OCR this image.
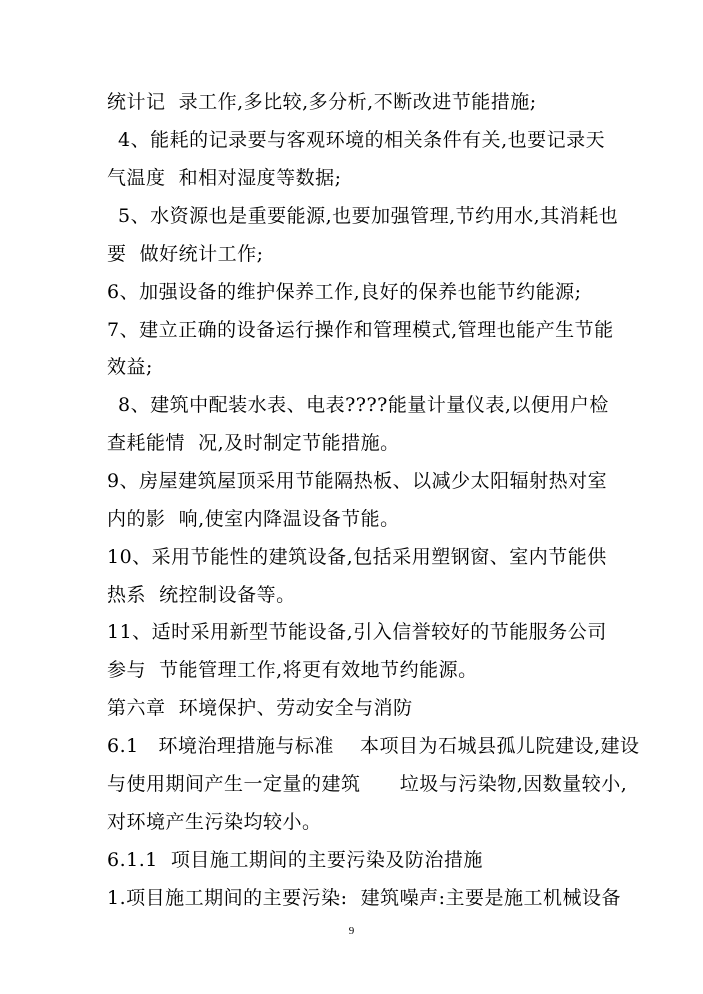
统计记  录工作,多比较,多分析,不断改进节能措施;
4、能耗的记录要与客观环境的相关条件有关,也要记录天
气温度  和相对湿度等数据;
5、水资源也是重要能源,也要加强管理,节约用水,其消耗也
要  做好统计工作;
6、加强设备的维护保养工作,良好的保养也能节约能源;
7、建立正确的设备运行操作和管理模式,管理也能产生节能
效益;
8、建筑中配装水表、电表????能量计量仪表,以便用户检
查耗能情  况,及时制定节能措施。
9、房屋建筑屋顶采用节能隔热板、以减少太阳辐射热对室
内的影  响,使室内降温设备节能。
10、采用节能性的建筑设备,包括采用塑钢窗、室内节能供
热系  统控制设备等。
11、适时采用新型节能设备,引入信誉较好的节能服务公司
参与  节能管理工作,将更有效地节约能源。
第六章  环境保护、劳动安全与消防
6.1   环境治理措施与标准    本项目为石城县孤儿院建设,建设
与使用期间产生一定量的建筑      垃圾与污染物,因数量较小,
对环境产生污染均较小。
6.1.1  项目施工期间的主要污染及防治措施
1.项目施工期间的主要污染:  建筑噪声:主要是施工机械设备
9
